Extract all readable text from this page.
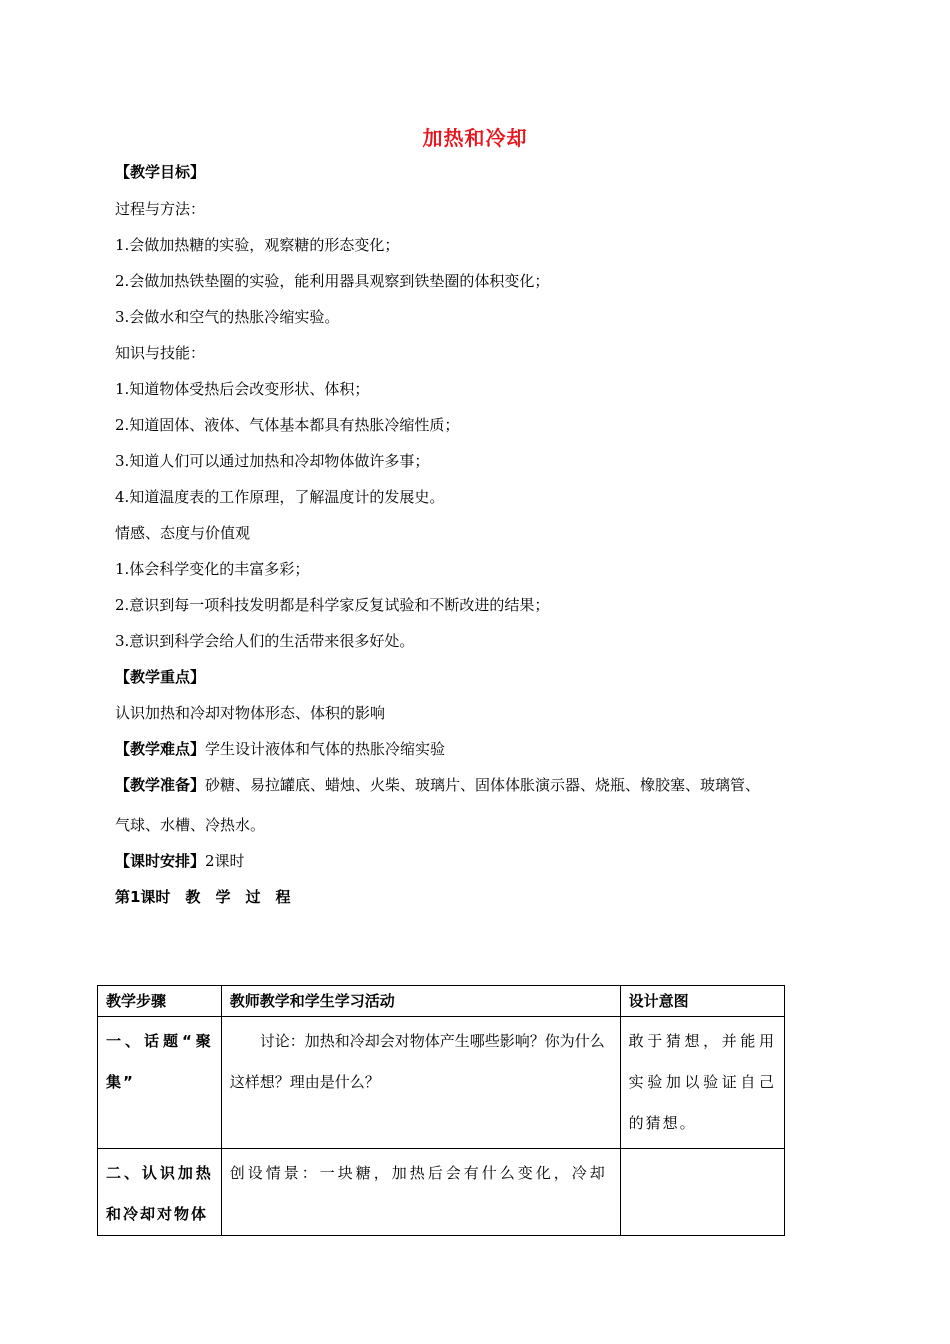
加热和冷却
【教学目标】
过程与方法：
1.会做加热糖的实验，观察糖的形态变化；
2.会做加热铁垫圈的实验，能利用器具观察到铁垫圈的体积变化；
3.会做水和空气的热胀冷缩实验。
知识与技能：
1.知道物体受热后会改变形状、体积；
2.知道固体、液体、气体基本都具有热胀冷缩性质；
3.知道人们可以通过加热和冷却物体做许多事；
4.知道温度表的工作原理，了解温度计的发展史。
情感、态度与价值观
1.体会科学变化的丰富多彩；
2.意识到每一项科技发明都是科学家反复试验和不断改进的结果；
3.意识到科学会给人们的生活带来很多好处。
【教学重点】
认识加热和冷却对物体形态、体积的影响
【教学难点】学生设计液体和气体的热胀冷缩实验
【教学准备】砂糖、易拉罐底、蜡烛、火柴、玻璃片、固体体胀演示器、烧瓶、橡胶塞、玻璃管、
气球、水槽、冷热水。
【课时安排】2课时
第1课时　教　学　过　程
教学步骤	教师教学和学生学习活动	设计意图
一、话题“聚集”	讨论：加热和冷却会对物体产生哪些影响？你为什么这样想？理由是什么？	敢于猜想，并能用实验加以验证自己的猜想。
二、认识加热和冷却对物体	创设情景：一块糖，加热后会有什么变化，冷却	
